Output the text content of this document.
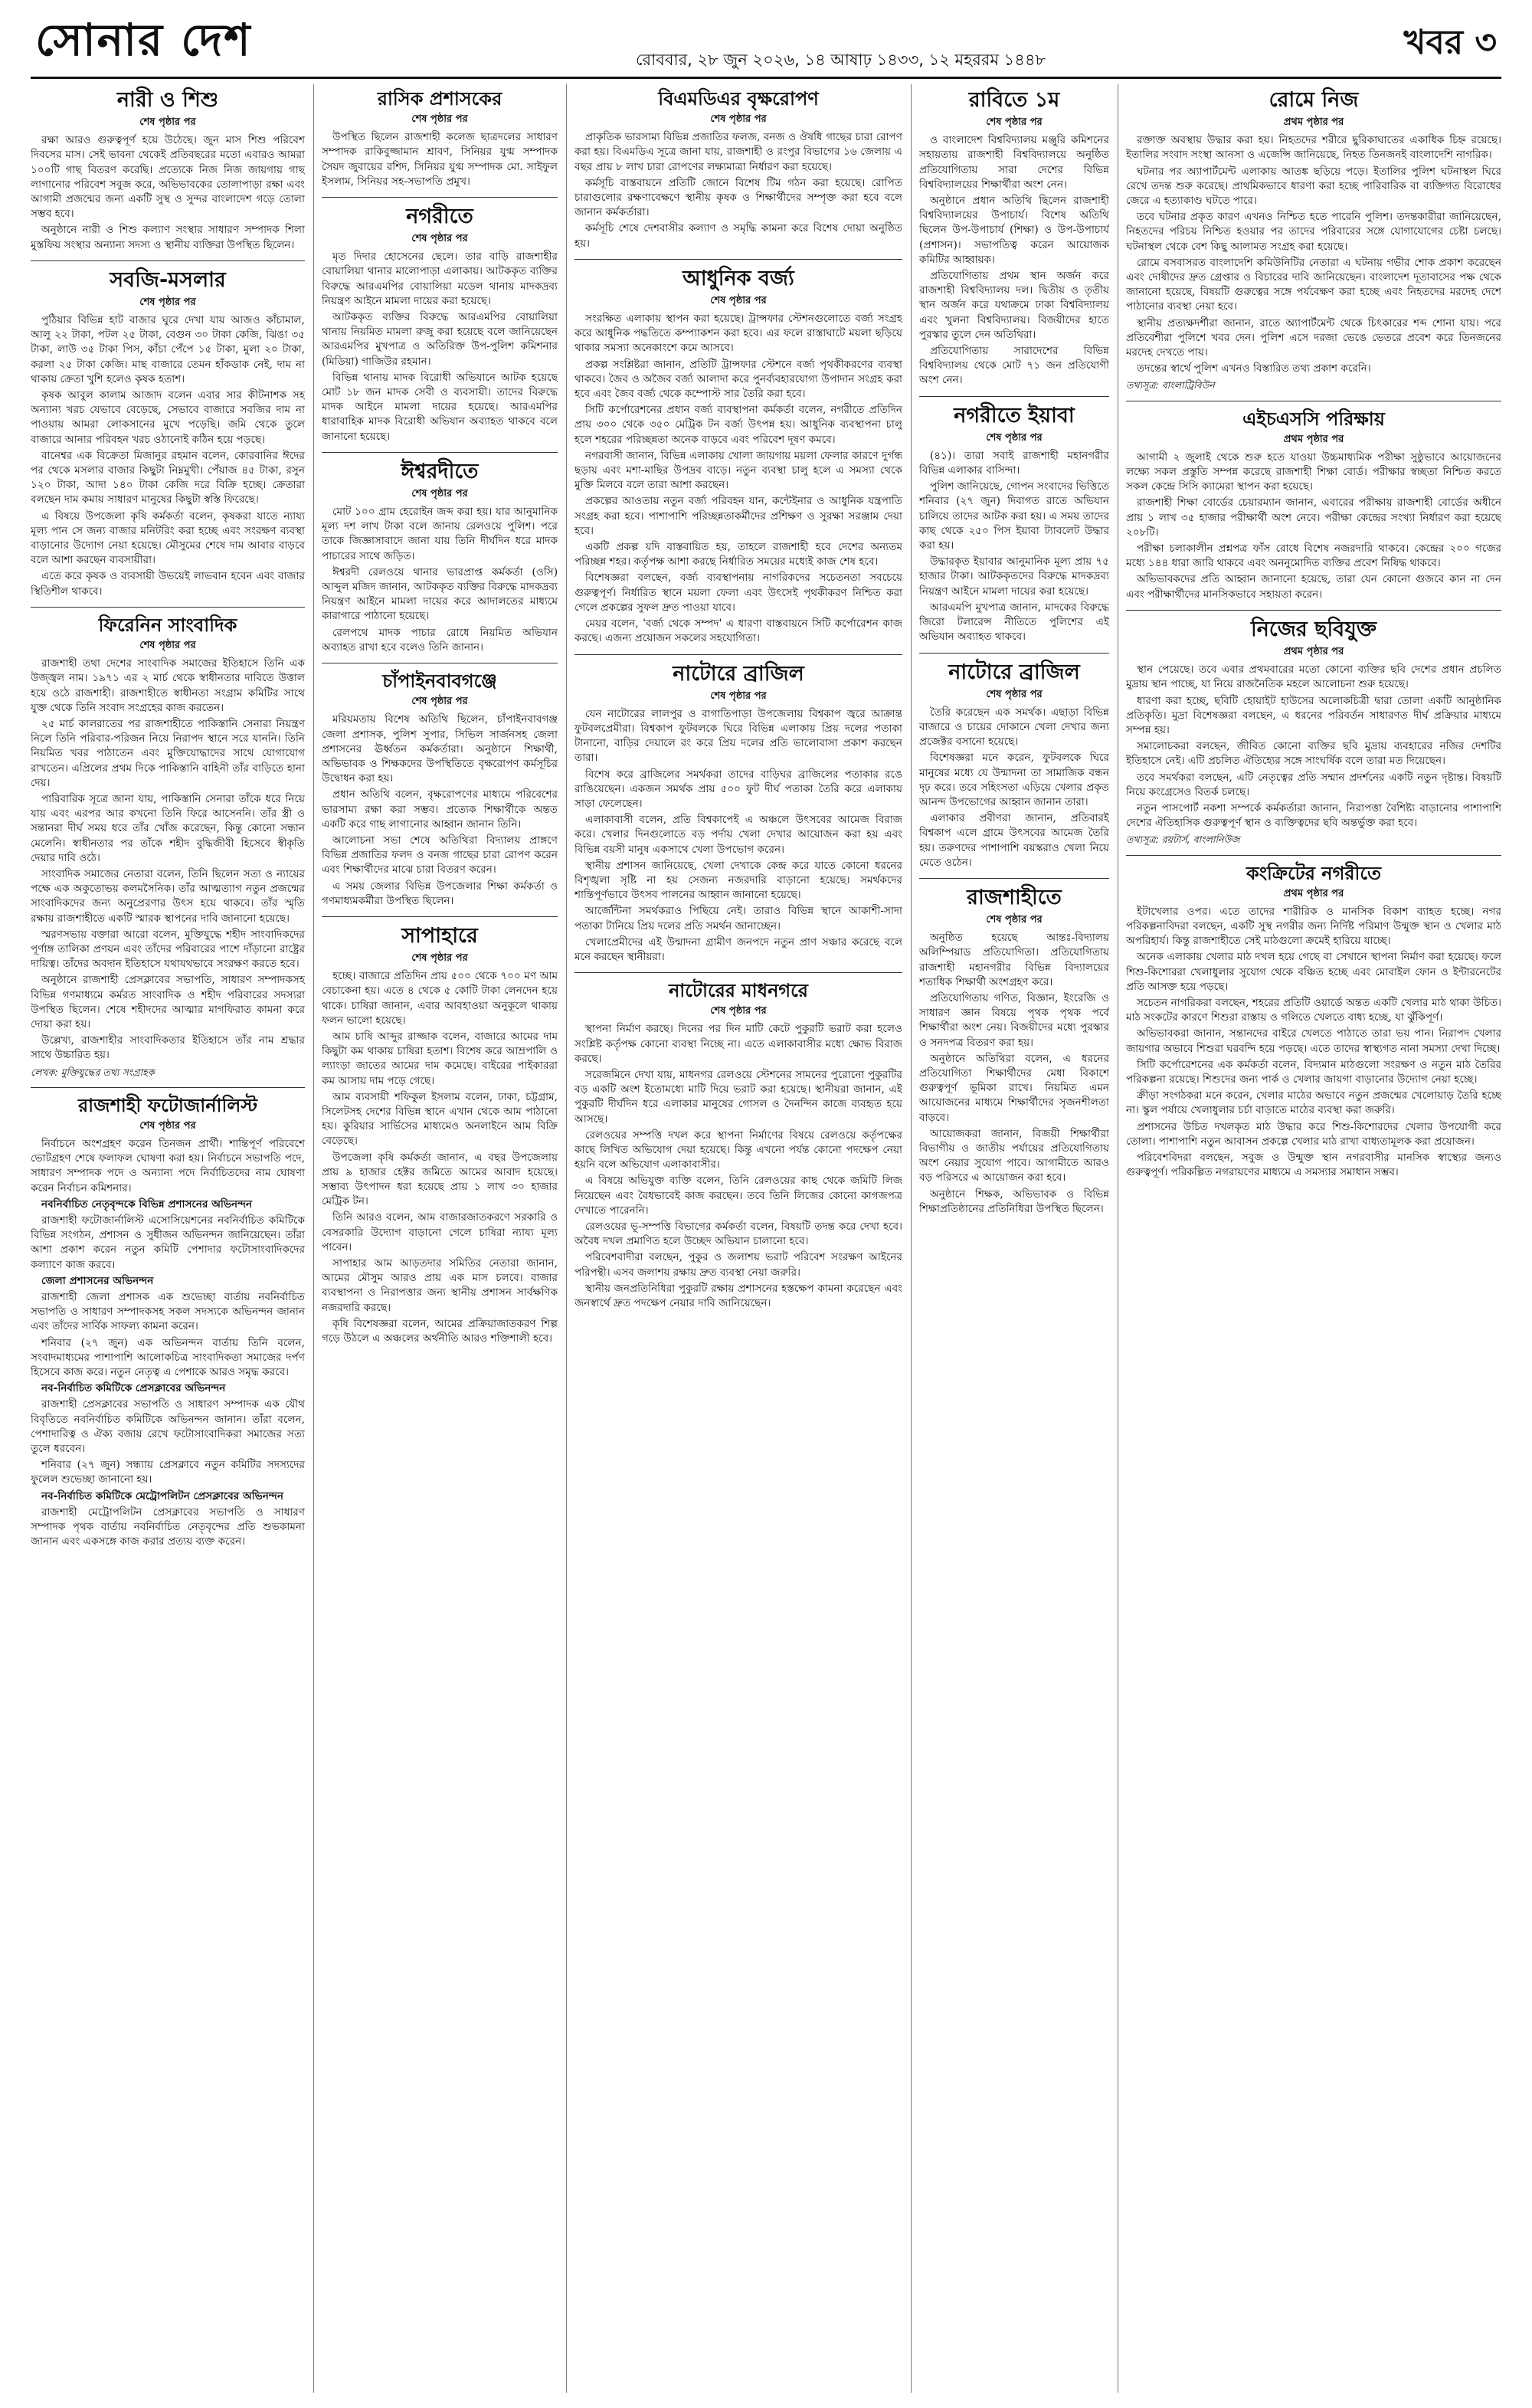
সোনার দেশ	রোববার, ২৮ জুন ২০২৬, ১৪ আষাঢ় ১৪৩৩, ১২ মহররম ১৪৪৮	খবর ৩
নারী ও শিশু
শেষ পৃষ্ঠার পর

রক্ষা আরও গুরুত্বপূর্ণ হয়ে উঠেছে। জুন মাস শিশু পরিবেশ দিবসের মাস। সেই ভাবনা থেকেই প্রতিবছরের মতো এবারও আমরা ১০০টি গাছ বিতরণ করেছি। প্রত্যেকে নিজ নিজ জায়গায় গাছ লাগানোর পরিবেশ সবুজ করে, অভিভাবকের তোলাপাড়া রক্ষা এবং আগামী প্রজন্মের জন্য একটি সুস্থ ও সুন্দর বাংলাদেশ গড়ে তোলা সম্ভব হবে।

অনুষ্ঠানে নারী ও শিশু কল্যাণ সংস্থার সাধারণ সম্পাদক শিলা মুস্তফিয় সংস্থার অন্যান্য সদস্য ও স্থানীয় ব্যক্তিরা উপস্থিত ছিলেন।

সবজি-মসলার
শেষ পৃষ্ঠার পর

পুঠিয়ার বিভিন্ন হাট বাজার ঘুরে দেখা যায় আজও কাঁচামাল, আলু ২২ টাকা, পটল ২৫ টাকা, বেগুন ৩০ টাকা কেজি, ঝিঙা ৩৫ টাকা, লাউ ৩৫ টাকা পিস, কাঁচা পেঁপে ১৫ টাকা, মুলা ২০ টাকা, করলা ২৫ টাকা কেজি। মাছ বাজারে তেমন হাঁকডাক নেই, দাম না থাকায় ক্রেতা খুশি হলেও কৃষক হতাশ।

কৃষক আবুল কালাম আজাদ বলেন এবার সার কীটনাশক সহ অন্যান্য খরচ যেভাবে বেড়েছে, সেভাবে বাজারে সবজির দাম না পাওয়ায় আমরা লোকসানের মুখে পড়েছি। জমি থেকে তুলে বাজারে আনার পরিবহন খরচ ওঠানোই কঠিন হয়ে পড়ছে।

বানেশ্বর এক বিক্রেতা মিজানুর রহমান বলেন, কোরবানির ঈদের পর থেকে মসলার বাজার কিছুটা নিম্নমুখী। পেঁয়াজ ৪৫ টাকা, রসুন ১২০ টাকা, আদা ১৪০ টাকা কেজি দরে বিক্রি হচ্ছে। ক্রেতারা বলছেন দাম কমায় সাধারণ মানুষের কিছুটা স্বস্তি ফিরেছে।

এ বিষয়ে উপজেলা কৃষি কর্মকর্তা বলেন, কৃষকরা যাতে ন্যায্য মূল্য পান সে জন্য বাজার মনিটরিং করা হচ্ছে এবং সংরক্ষণ ব্যবস্থা বাড়ানোর উদ্যোগ নেয়া হয়েছে। মৌসুমের শেষে দাম আবার বাড়বে বলে আশা করছেন ব্যবসায়ীরা।

এতে করে কৃষক ও ব্যবসায়ী উভয়েই লাভবান হবেন এবং বাজার স্থিতিশীল থাকবে।

ফিরেনিন সাংবাদিক
শেষ পৃষ্ঠার পর

রাজশাহী তথা দেশের সাংবাদিক সমাজের ইতিহাসে তিনি এক উজ্জ্বল নাম। ১৯৭১ এর ২ মার্চ থেকে স্বাধীনতার দাবিতে উত্তাল হয়ে ওঠে রাজশাহী। রাজশাহীতে স্বাধীনতা সংগ্রাম কমিটির সাথে যুক্ত থেকে তিনি সংবাদ সংগ্রহের কাজ করতেন।

২৫ মার্চ কালরাতের পর রাজশাহীতে পাকিস্তানি সেনারা নিয়ন্ত্রণ নিলে তিনি পরিবার-পরিজন নিয়ে নিরাপদ স্থানে সরে যাননি। তিনি নিয়মিত খবর পাঠাতেন এবং মুক্তিযোদ্ধাদের সাথে যোগাযোগ রাখতেন। এপ্রিলের প্রথম দিকে পাকিস্তানি বাহিনী তাঁর বাড়িতে হানা দেয়।

পারিবারিক সূত্রে জানা যায়, পাকিস্তানি সেনারা তাঁকে ধরে নিয়ে যায় এবং এরপর আর কখনো তিনি ফিরে আসেননি। তাঁর স্ত্রী ও সন্তানরা দীর্ঘ সময় ধরে তাঁর খোঁজ করেছেন, কিন্তু কোনো সন্ধান মেলেনি। স্বাধীনতার পর তাঁকে শহীদ বুদ্ধিজীবী হিসেবে স্বীকৃতি দেয়ার দাবি ওঠে।

সাংবাদিক সমাজের নেতারা বলেন, তিনি ছিলেন সত্য ও ন্যায়ের পক্ষে এক অকুতোভয় কলমসৈনিক। তাঁর আত্মত্যাগ নতুন প্রজন্মের সাংবাদিকদের জন্য অনুপ্রেরণার উৎস হয়ে থাকবে। তাঁর স্মৃতি রক্ষায় রাজশাহীতে একটি স্মারক স্থাপনের দাবি জানানো হয়েছে।

স্মরণসভায় বক্তারা আরো বলেন, মুক্তিযুদ্ধে শহীদ সাংবাদিকদের পূর্ণাঙ্গ তালিকা প্রণয়ন এবং তাঁদের পরিবারের পাশে দাঁড়ানো রাষ্ট্রের দায়িত্ব। তাঁদের অবদান ইতিহাসে যথাযথভাবে সংরক্ষণ করতে হবে।

অনুষ্ঠানে রাজশাহী প্রেসক্লাবের সভাপতি, সাধারণ সম্পাদকসহ বিভিন্ন গণমাধ্যমে কর্মরত সাংবাদিক ও শহীদ পরিবারের সদস্যরা উপস্থিত ছিলেন। শেষে শহীদদের আত্মার মাগফিরাত কামনা করে দোয়া করা হয়।

উল্লেখ্য, রাজশাহীর সাংবাদিকতার ইতিহাসে তাঁর নাম শ্রদ্ধার সাথে উচ্চারিত হয়।

লেখক: মুক্তিযুদ্ধের তথ্য সংগ্রাহক
রাজশাহী ফটোজার্নালিস্ট
শেষ পৃষ্ঠার পর

নির্বাচনে অংশগ্রহণ করেন তিনজন প্রার্থী। শান্তিপূর্ণ পরিবেশে ভোটগ্রহণ শেষে ফলাফল ঘোষণা করা হয়। নির্বাচনে সভাপতি পদে, সাধারণ সম্পাদক পদে ও অন্যান্য পদে নির্বাচিতদের নাম ঘোষণা করেন নির্বাচন কমিশনার।

নবনির্বাচিত নেতৃবৃন্দকে বিভিন্ন প্রশাসনের অভিনন্দন

রাজশাহী ফটোজার্নালিস্ট এসোসিয়েশনের নবনির্বাচিত কমিটিকে বিভিন্ন সংগঠন, প্রশাসন ও সুধীজন অভিনন্দন জানিয়েছেন। তাঁরা আশা প্রকাশ করেন নতুন কমিটি পেশাদার ফটোসাংবাদিকদের কল্যাণে কাজ করবে।

জেলা প্রশাসনের অভিনন্দন

রাজশাহী জেলা প্রশাসক এক শুভেচ্ছা বার্তায় নবনির্বাচিত সভাপতি ও সাধারণ সম্পাদকসহ সকল সদস্যকে অভিনন্দন জানান এবং তাঁদের সার্বিক সাফল্য কামনা করেন।

শনিবার (২৭ জুন) এক অভিনন্দন বার্তায় তিনি বলেন, সংবাদমাধ্যমের পাশাপাশি আলোকচিত্র সাংবাদিকতা সমাজের দর্পণ হিসেবে কাজ করে। নতুন নেতৃত্ব এ পেশাকে আরও সমৃদ্ধ করবে।

নব-নির্বাচিত কমিটিকে প্রেসক্লাবের অভিনন্দন

রাজশাহী প্রেসক্লাবের সভাপতি ও সাধারণ সম্পাদক এক যৌথ বিবৃতিতে নবনির্বাচিত কমিটিকে অভিনন্দন জানান। তাঁরা বলেন, পেশাদারিত্ব ও ঐক্য বজায় রেখে ফটোসাংবাদিকরা সমাজের সত্য তুলে ধরবেন।

শনিবার (২৭ জুন) সন্ধ্যায় প্রেসক্লাবে নতুন কমিটির সদস্যদের ফুলেল শুভেচ্ছা জানানো হয়।

নব-নির্বাচিত কমিটিকে মেট্রোপলিটন প্রেসক্লাবের অভিনন্দন

রাজশাহী মেট্রোপলিটন প্রেসক্লাবের সভাপতি ও সাধারণ সম্পাদক পৃথক বার্তায় নবনির্বাচিত নেতৃবৃন্দের প্রতি শুভকামনা জানান এবং একসঙ্গে কাজ করার প্রত্যয় ব্যক্ত করেন।

রাসিক প্রশাসকের
শেষ পৃষ্ঠার পর

উপস্থিত ছিলেন রাজশাহী কলেজ ছাত্রদলের সাধারণ সম্পাদক রাকিবুজ্জামান শ্রাবণ, সিনিয়র যুগ্ম সম্পাদক সৈয়দ জুবায়ের রশিদ, সিনিয়র যুগ্ম সম্পাদক মো. সাইফুল ইসলাম, সিনিয়র সহ-সভাপতি প্রমুখ।

নগরীতে
শেষ পৃষ্ঠার পর

মৃত দিদার হোসেনের ছেলে। তার বাড়ি রাজশাহীর বোয়ালিয়া থানার মালোপাড়া এলাকায়। আটককৃত ব্যক্তির বিরুদ্ধে আরএমপির বোয়ালিয়া মডেল থানায় মাদকদ্রব্য নিয়ন্ত্রণ আইনে মামলা দায়ের করা হয়েছে।

আটককৃত ব্যক্তির বিরুদ্ধে আরএমপির বোয়ালিয়া থানায় নিয়মিত মামলা রুজু করা হয়েছে বলে জানিয়েছেন আরএমপির মুখপাত্র ও অতিরিক্ত উপ-পুলিশ কমিশনার (মিডিয়া) গাজিউর রহমান।

বিভিন্ন থানায় মাদক বিরোধী অভিযানে আটক হয়েছে মোট ১৮ জন মাদক সেবী ও ব্যবসায়ী। তাদের বিরুদ্ধে মাদক আইনে মামলা দায়ের হয়েছে। আরএমপির ধারাবাহিক মাদক বিরোধী অভিযান অব্যাহত থাকবে বলে জানানো হয়েছে।

ঈশ্বরদীতে
শেষ পৃষ্ঠার পর

মোট ১০০ গ্রাম হেরোইন জব্দ করা হয়। যার আনুমানিক মূল্য দশ লাখ টাকা বলে জানায় রেলওয়ে পুলিশ। পরে তাকে জিজ্ঞাসাবাদে জানা যায় তিনি দীর্ঘদিন ধরে মাদক পাচারের সাথে জড়িত।

ঈশ্বরদী রেলওয়ে থানার ভারপ্রাপ্ত কর্মকর্তা (ওসি) আব্দুল মজিদ জানান, আটককৃত ব্যক্তির বিরুদ্ধে মাদকদ্রব্য নিয়ন্ত্রণ আইনে মামলা দায়ের করে আদালতের মাধ্যমে কারাগারে পাঠানো হয়েছে।

রেলপথে মাদক পাচার রোধে নিয়মিত অভিযান অব্যাহত রাখা হবে বলেও তিনি জানান।

চাঁপাইনবাবগঞ্জে
শেষ পৃষ্ঠার পর

মরিয়মতায় বিশেষ অতিথি ছিলেন, চাঁপাইনবাবগঞ্জ জেলা প্রশাসক, পুলিশ সুপার, সিভিল সার্জনসহ জেলা প্রশাসনের ঊর্ধ্বতন কর্মকর্তারা। অনুষ্ঠানে শিক্ষার্থী, অভিভাবক ও শিক্ষকদের উপস্থিতিতে বৃক্ষরোপণ কর্মসূচির উদ্বোধন করা হয়।

প্রধান অতিথি বলেন, বৃক্ষরোপণের মাধ্যমে পরিবেশের ভারসাম্য রক্ষা করা সম্ভব। প্রত্যেক শিক্ষার্থীকে অন্তত একটি করে গাছ লাগানোর আহ্বান জানান তিনি।

আলোচনা সভা শেষে অতিথিরা বিদ্যালয় প্রাঙ্গণে বিভিন্ন প্রজাতির ফলদ ও বনজ গাছের চারা রোপণ করেন এবং শিক্ষার্থীদের মাঝে চারা বিতরণ করেন।

এ সময় জেলার বিভিন্ন উপজেলার শিক্ষা কর্মকর্তা ও গণমাধ্যমকর্মীরা উপস্থিত ছিলেন।

সাপাহারে
শেষ পৃষ্ঠার পর

হচ্ছে। বাজারে প্রতিদিন প্রায় ৫০০ থেকে ৭০০ মণ আম বেচাকেনা হয়। এতে ৪ থেকে ৫ কোটি টাকা লেনদেন হয়ে থাকে। চাষিরা জানান, এবার আবহাওয়া অনুকূলে থাকায় ফলন ভালো হয়েছে।

আম চাষি আব্দুর রাজ্জাক বলেন, বাজারে আমের দাম কিছুটা কম থাকায় চাষিরা হতাশ। বিশেষ করে আম্রপালি ও ল্যাংড়া জাতের আমের দাম কমেছে। বাইরের পাইকাররা কম আসায় দাম পড়ে গেছে।

আম ব্যবসায়ী শফিকুল ইসলাম বলেন, ঢাকা, চট্টগ্রাম, সিলেটসহ দেশের বিভিন্ন স্থানে এখান থেকে আম পাঠানো হয়। কুরিয়ার সার্ভিসের মাধ্যমেও অনলাইনে আম বিক্রি বেড়েছে।

উপজেলা কৃষি কর্মকর্তা জানান, এ বছর উপজেলায় প্রায় ৯ হাজার হেক্টর জমিতে আমের আবাদ হয়েছে। সম্ভাব্য উৎপাদন ধরা হয়েছে প্রায় ১ লাখ ৩০ হাজার মেট্রিক টন।

তিনি আরও বলেন, আম বাজারজাতকরণে সরকারি ও বেসরকারি উদ্যোগ বাড়ানো গেলে চাষিরা ন্যায্য মূল্য পাবেন।

সাপাহার আম আড়তদার সমিতির নেতারা জানান, আমের মৌসুম আরও প্রায় এক মাস চলবে। বাজার ব্যবস্থাপনা ও নিরাপত্তার জন্য স্থানীয় প্রশাসন সার্বক্ষণিক নজরদারি করছে।

কৃষি বিশেষজ্ঞরা বলেন, আমের প্রক্রিয়াজাতকরণ শিল্প গড়ে উঠলে এ অঞ্চলের অর্থনীতি আরও শক্তিশালী হবে।

বিএমডিএর বৃক্ষরোপণ
শেষ পৃষ্ঠার পর

প্রাকৃতিক ভারসাম্য বিভিন্ন প্রজাতির ফলজ, বনজ ও ঔষধি গাছের চারা রোপণ করা হয়। বিএমডিএ সূত্রে জানা যায়, রাজশাহী ও রংপুর বিভাগের ১৬ জেলায় এ বছর প্রায় ৮ লাখ চারা রোপণের লক্ষ্যমাত্রা নির্ধারণ করা হয়েছে।

কর্মসূচি বাস্তবায়নে প্রতিটি জোনে বিশেষ টিম গঠন করা হয়েছে। রোপিত চারাগুলোর রক্ষণাবেক্ষণে স্থানীয় কৃষক ও শিক্ষার্থীদের সম্পৃক্ত করা হবে বলে জানান কর্মকর্তারা।

কর্মসূচি শেষে দেশবাসীর কল্যাণ ও সমৃদ্ধি কামনা করে বিশেষ দোয়া অনুষ্ঠিত হয়।

আধুনিক বর্জ্য
শেষ পৃষ্ঠার পর

সংরক্ষিত এলাকায় স্থাপন করা হয়েছে। ট্রান্সফার স্টেশনগুলোতে বর্জ্য সংগ্রহ করে আধুনিক পদ্ধতিতে কম্প্যাকশন করা হবে। এর ফলে রাস্তাঘাটে ময়লা ছড়িয়ে থাকার সমস্যা অনেকাংশে কমে আসবে।

প্রকল্প সংশ্লিষ্টরা জানান, প্রতিটি ট্রান্সফার স্টেশনে বর্জ্য পৃথকীকরণের ব্যবস্থা থাকবে। জৈব ও অজৈব বর্জ্য আলাদা করে পুনর্ব্যবহারযোগ্য উপাদান সংগ্রহ করা হবে এবং জৈব বর্জ্য থেকে কম্পোস্ট সার তৈরি করা হবে।

সিটি কর্পোরেশনের প্রধান বর্জ্য ব্যবস্থাপনা কর্মকর্তা বলেন, নগরীতে প্রতিদিন প্রায় ৩০০ থেকে ৩৫০ মেট্রিক টন বর্জ্য উৎপন্ন হয়। আধুনিক ব্যবস্থাপনা চালু হলে শহরের পরিচ্ছন্নতা অনেক বাড়বে এবং পরিবেশ দূষণ কমবে।

নগরবাসী জানান, বিভিন্ন এলাকায় খোলা জায়গায় ময়লা ফেলার কারণে দুর্গন্ধ ছড়ায় এবং মশা-মাছির উপদ্রব বাড়ে। নতুন ব্যবস্থা চালু হলে এ সমস্যা থেকে মুক্তি মিলবে বলে তারা আশা করছেন।

প্রকল্পের আওতায় নতুন বর্জ্য পরিবহন যান, কন্টেইনার ও আধুনিক যন্ত্রপাতি সংগ্রহ করা হবে। পাশাপাশি পরিচ্ছন্নতাকর্মীদের প্রশিক্ষণ ও সুরক্ষা সরঞ্জাম দেয়া হবে।

একটি প্রকল্প যদি বাস্তবায়িত হয়, তাহলে রাজশাহী হবে দেশের অন্যতম পরিচ্ছন্ন শহর। কর্তৃপক্ষ আশা করছে নির্ধারিত সময়ের মধ্যেই কাজ শেষ হবে।

বিশেষজ্ঞরা বলছেন, বর্জ্য ব্যবস্থাপনায় নাগরিকদের সচেতনতা সবচেয়ে গুরুত্বপূর্ণ। নির্ধারিত স্থানে ময়লা ফেলা এবং উৎসেই পৃথকীকরণ নিশ্চিত করা গেলে প্রকল্পের সুফল দ্রুত পাওয়া যাবে।

মেয়র বলেন, 'বর্জ্য থেকে সম্পদ' এ ধারণা বাস্তবায়নে সিটি কর্পোরেশন কাজ করছে। এজন্য প্রয়োজন সকলের সহযোগিতা।

নাটোরে ব্রাজিল
শেষ পৃষ্ঠার পর

যেন নাটোরের লালপুর ও বাগাতিপাড়া উপজেলায় বিশ্বকাপ জ্বরে আক্রান্ত ফুটবলপ্রেমীরা। বিশ্বকাপ ফুটবলকে ঘিরে বিভিন্ন এলাকায় প্রিয় দলের পতাকা টানানো, বাড়ির দেয়ালে রং করে প্রিয় দলের প্রতি ভালোবাসা প্রকাশ করছেন তারা।

বিশেষ করে ব্রাজিলের সমর্থকরা তাদের বাড়িঘর ব্রাজিলের পতাকার রঙে রাঙিয়েছেন। একজন সমর্থক প্রায় ৫০০ ফুট দীর্ঘ পতাকা তৈরি করে এলাকায় সাড়া ফেলেছেন।

এলাকাবাসী বলেন, প্রতি বিশ্বকাপেই এ অঞ্চলে উৎসবের আমেজ বিরাজ করে। খেলার দিনগুলোতে বড় পর্দায় খেলা দেখার আয়োজন করা হয় এবং বিভিন্ন বয়সী মানুষ একসাথে খেলা উপভোগ করেন।

স্থানীয় প্রশাসন জানিয়েছে, খেলা দেখাকে কেন্দ্র করে যাতে কোনো ধরনের বিশৃঙ্খলা সৃষ্টি না হয় সেজন্য নজরদারি বাড়ানো হয়েছে। সমর্থকদের শান্তিপূর্ণভাবে উৎসব পালনের আহ্বান জানানো হয়েছে।

আর্জেন্টিনা সমর্থকরাও পিছিয়ে নেই। তারাও বিভিন্ন স্থানে আকাশী-সাদা পতাকা টানিয়ে প্রিয় দলের প্রতি সমর্থন জানাচ্ছেন।

খেলাপ্রেমীদের এই উন্মাদনা গ্রামীণ জনপদে নতুন প্রাণ সঞ্চার করেছে বলে মনে করছেন স্থানীয়রা।

নাটোরের মাধনগরে
শেষ পৃষ্ঠার পর

স্থাপনা নির্মাণ করছে। দিনের পর দিন মাটি কেটে পুকুরটি ভরাট করা হলেও সংশ্লিষ্ট কর্তৃপক্ষ কোনো ব্যবস্থা নিচ্ছে না। এতে এলাকাবাসীর মধ্যে ক্ষোভ বিরাজ করছে।

সরেজমিনে দেখা যায়, মাধনগর রেলওয়ে স্টেশনের সামনের পুরোনো পুকুরটির বড় একটি অংশ ইতোমধ্যে মাটি দিয়ে ভরাট করা হয়েছে। স্থানীয়রা জানান, এই পুকুরটি দীর্ঘদিন ধরে এলাকার মানুষের গোসল ও দৈনন্দিন কাজে ব্যবহৃত হয়ে আসছে।

রেলওয়ের সম্পত্তি দখল করে স্থাপনা নির্মাণের বিষয়ে রেলওয়ে কর্তৃপক্ষের কাছে লিখিত অভিযোগ দেয়া হয়েছে। কিন্তু এখনো পর্যন্ত কোনো পদক্ষেপ নেয়া হয়নি বলে অভিযোগ এলাকাবাসীর।

এ বিষয়ে অভিযুক্ত ব্যক্তি বলেন, তিনি রেলওয়ের কাছ থেকে জমিটি লিজ নিয়েছেন এবং বৈধভাবেই কাজ করছেন। তবে তিনি লিজের কোনো কাগজপত্র দেখাতে পারেননি।

রেলওয়ের ভূ-সম্পত্তি বিভাগের কর্মকর্তা বলেন, বিষয়টি তদন্ত করে দেখা হবে। অবৈধ দখল প্রমাণিত হলে উচ্ছেদ অভিযান চালানো হবে।

পরিবেশবাদীরা বলছেন, পুকুর ও জলাশয় ভরাট পরিবেশ সংরক্ষণ আইনের পরিপন্থী। এসব জলাশয় রক্ষায় দ্রুত ব্যবস্থা নেয়া জরুরি।

স্থানীয় জনপ্রতিনিধিরা পুকুরটি রক্ষায় প্রশাসনের হস্তক্ষেপ কামনা করেছেন এবং জনস্বার্থে দ্রুত পদক্ষেপ নেয়ার দাবি জানিয়েছেন।

রাবিতে ১ম
শেষ পৃষ্ঠার পর

ও বাংলাদেশ বিশ্ববিদ্যালয় মঞ্জুরি কমিশনের সহায়তায় রাজশাহী বিশ্ববিদ্যালয়ে অনুষ্ঠিত প্রতিযোগিতায় সারা দেশের বিভিন্ন বিশ্ববিদ্যালয়ের শিক্ষার্থীরা অংশ নেন।

অনুষ্ঠানে প্রধান অতিথি ছিলেন রাজশাহী বিশ্ববিদ্যালয়ের উপাচার্য। বিশেষ অতিথি ছিলেন উপ-উপাচার্য (শিক্ষা) ও উপ-উপাচার্য (প্রশাসন)। সভাপতিত্ব করেন আয়োজক কমিটির আহ্বায়ক।

প্রতিযোগিতায় প্রথম স্থান অর্জন করে রাজশাহী বিশ্ববিদ্যালয় দল। দ্বিতীয় ও তৃতীয় স্থান অর্জন করে যথাক্রমে ঢাকা বিশ্ববিদ্যালয় এবং খুলনা বিশ্ববিদ্যালয়। বিজয়ীদের হাতে পুরস্কার তুলে দেন অতিথিরা।

প্রতিযোগিতায় সারাদেশের বিভিন্ন বিশ্ববিদ্যালয় থেকে মোট ৭১ জন প্রতিযোগী অংশ নেন।

নগরীতে ইয়াবা
শেষ পৃষ্ঠার পর

(৪১)। তারা সবাই রাজশাহী মহানগরীর বিভিন্ন এলাকার বাসিন্দা।

পুলিশ জানিয়েছে, গোপন সংবাদের ভিত্তিতে শনিবার (২৭ জুন) দিবাগত রাতে অভিযান চালিয়ে তাদের আটক করা হয়। এ সময় তাদের কাছ থেকে ২৫০ পিস ইয়াবা ট্যাবলেট উদ্ধার করা হয়।

উদ্ধারকৃত ইয়াবার আনুমানিক মূল্য প্রায় ৭৫ হাজার টাকা। আটককৃতদের বিরুদ্ধে মাদকদ্রব্য নিয়ন্ত্রণ আইনে মামলা দায়ের করা হয়েছে।

আরএমপি মুখপাত্র জানান, মাদকের বিরুদ্ধে জিরো টলারেন্স নীতিতে পুলিশের এই অভিযান অব্যাহত থাকবে।

নাটোরে ব্রাজিল
শেষ পৃষ্ঠার পর

তৈরি করেছেন এক সমর্থক। এছাড়া বিভিন্ন বাজারে ও চায়ের দোকানে খেলা দেখার জন্য প্রজেক্টর বসানো হয়েছে।

বিশেষজ্ঞরা মনে করেন, ফুটবলকে ঘিরে মানুষের মধ্যে যে উন্মাদনা তা সামাজিক বন্ধন দৃঢ় করে। তবে সহিংসতা এড়িয়ে খেলার প্রকৃত আনন্দ উপভোগের আহ্বান জানান তারা।

এলাকার প্রবীণরা জানান, প্রতিবারই বিশ্বকাপ এলে গ্রামে উৎসবের আমেজ তৈরি হয়। তরুণদের পাশাপাশি বয়স্করাও খেলা নিয়ে মেতে ওঠেন।

রাজশাহীতে
শেষ পৃষ্ঠার পর

অনুষ্ঠিত হয়েছে আন্তঃ-বিদ্যালয় অলিম্পিয়াড প্রতিযোগিতা। প্রতিযোগিতায় রাজশাহী মহানগরীর বিভিন্ন বিদ্যালয়ের শতাধিক শিক্ষার্থী অংশগ্রহণ করে।

প্রতিযোগিতায় গণিত, বিজ্ঞান, ইংরেজি ও সাধারণ জ্ঞান বিষয়ে পৃথক পৃথক পর্বে শিক্ষার্থীরা অংশ নেয়। বিজয়ীদের মধ্যে পুরস্কার ও সনদপত্র বিতরণ করা হয়।

অনুষ্ঠানে অতিথিরা বলেন, এ ধরনের প্রতিযোগিতা শিক্ষার্থীদের মেধা বিকাশে গুরুত্বপূর্ণ ভূমিকা রাখে। নিয়মিত এমন আয়োজনের মাধ্যমে শিক্ষার্থীদের সৃজনশীলতা বাড়বে।

আয়োজকরা জানান, বিজয়ী শিক্ষার্থীরা বিভাগীয় ও জাতীয় পর্যায়ের প্রতিযোগিতায় অংশ নেয়ার সুযোগ পাবে। আগামীতে আরও বড় পরিসরে এ আয়োজন করা হবে।

অনুষ্ঠানে শিক্ষক, অভিভাবক ও বিভিন্ন শিক্ষাপ্রতিষ্ঠানের প্রতিনিধিরা উপস্থিত ছিলেন।

রোমে নিজ
প্রথম পৃষ্ঠার পর

রক্তাক্ত অবস্থায় উদ্ধার করা হয়। নিহতদের শরীরে ছুরিকাঘাতের একাধিক চিহ্ন রয়েছে। ইতালির সংবাদ সংস্থা আনসা ও এজেন্সি জানিয়েছে, নিহত তিনজনই বাংলাদেশি নাগরিক।

ঘটনার পর অ্যাপার্টমেন্ট এলাকায় আতঙ্ক ছড়িয়ে পড়ে। ইতালির পুলিশ ঘটনাস্থল ঘিরে রেখে তদন্ত শুরু করেছে। প্রাথমিকভাবে ধারণা করা হচ্ছে পারিবারিক বা ব্যক্তিগত বিরোধের জেরে এ হত্যাকাণ্ড ঘটতে পারে।

তবে ঘটনার প্রকৃত কারণ এখনও নিশ্চিত হতে পারেনি পুলিশ। তদন্তকারীরা জানিয়েছেন, নিহতদের পরিচয় নিশ্চিত হওয়ার পর তাদের পরিবারের সঙ্গে যোগাযোগের চেষ্টা চলছে। ঘটনাস্থল থেকে বেশ কিছু আলামত সংগ্রহ করা হয়েছে।

রোমে বসবাসরত বাংলাদেশি কমিউনিটির নেতারা এ ঘটনায় গভীর শোক প্রকাশ করেছেন এবং দোষীদের দ্রুত গ্রেপ্তার ও বিচারের দাবি জানিয়েছেন। বাংলাদেশ দূতাবাসের পক্ষ থেকে জানানো হয়েছে, বিষয়টি গুরুত্বের সঙ্গে পর্যবেক্ষণ করা হচ্ছে এবং নিহতদের মরদেহ দেশে পাঠানোর ব্যবস্থা নেয়া হবে।

স্থানীয় প্রত্যক্ষদর্শীরা জানান, রাতে অ্যাপার্টমেন্ট থেকে চিৎকারের শব্দ শোনা যায়। পরে প্রতিবেশীরা পুলিশে খবর দেন। পুলিশ এসে দরজা ভেঙে ভেতরে প্রবেশ করে তিনজনের মরদেহ দেখতে পায়।

তদন্তের স্বার্থে পুলিশ এখনও বিস্তারিত তথ্য প্রকাশ করেনি।

তথ্যসূত্র: বাংলাট্রিবিউন
এইচএসসি পরিক্ষায়
প্রথম পৃষ্ঠার পর

আগামী ২ জুলাই থেকে শুরু হতে যাওয়া উচ্চমাধ্যমিক পরীক্ষা সুষ্ঠুভাবে আয়োজনের লক্ষ্যে সকল প্রস্তুতি সম্পন্ন করেছে রাজশাহী শিক্ষা বোর্ড। পরীক্ষার স্বচ্ছতা নিশ্চিত করতে সকল কেন্দ্রে সিসি ক্যামেরা স্থাপন করা হয়েছে।

রাজশাহী শিক্ষা বোর্ডের চেয়ারম্যান জানান, এবারের পরীক্ষায় রাজশাহী বোর্ডের অধীনে প্রায় ১ লাখ ৩৫ হাজার পরীক্ষার্থী অংশ নেবে। পরীক্ষা কেন্দ্রের সংখ্যা নির্ধারণ করা হয়েছে ২০৮টি।

পরীক্ষা চলাকালীন প্রশ্নপত্র ফাঁস রোধে বিশেষ নজরদারি থাকবে। কেন্দ্রের ২০০ গজের মধ্যে ১৪৪ ধারা জারি থাকবে এবং অননুমোদিত ব্যক্তির প্রবেশ নিষিদ্ধ থাকবে।

অভিভাবকদের প্রতি আহ্বান জানানো হয়েছে, তারা যেন কোনো গুজবে কান না দেন এবং পরীক্ষার্থীদের মানসিকভাবে সহায়তা করেন।

নিজের ছবিযুক্ত
প্রথম পৃষ্ঠার পর

স্থান পেয়েছে। তবে এবার প্রথমবারের মতো কোনো ব্যক্তির ছবি দেশের প্রধান প্রচলিত মুদ্রায় স্থান পাচ্ছে, যা নিয়ে রাজনৈতিক মহলে আলোচনা শুরু হয়েছে।

ধারণা করা হচ্ছে, ছবিটি হোয়াইট হাউসের অলোকচিত্রী দ্বারা তোলা একটি আনুষ্ঠানিক প্রতিকৃতি। মুদ্রা বিশেষজ্ঞরা বলছেন, এ ধরনের পরিবর্তন সাধারণত দীর্ঘ প্রক্রিয়ার মাধ্যমে সম্পন্ন হয়।

সমালোচকরা বলছেন, জীবিত কোনো ব্যক্তির ছবি মুদ্রায় ব্যবহারের নজির দেশটির ইতিহাসে নেই। এটি প্রচলিত ঐতিহ্যের সঙ্গে সাংঘর্ষিক বলে তারা মত দিয়েছেন।

তবে সমর্থকরা বলছেন, এটি নেতৃত্বের প্রতি সম্মান প্রদর্শনের একটি নতুন দৃষ্টান্ত। বিষয়টি নিয়ে কংগ্রেসেও বিতর্ক চলছে।

নতুন পাসপোর্ট নকশা সম্পর্কে কর্মকর্তারা জানান, নিরাপত্তা বৈশিষ্ট্য বাড়ানোর পাশাপাশি দেশের ঐতিহাসিক গুরুত্বপূর্ণ স্থান ও ব্যক্তিত্বদের ছবি অন্তর্ভুক্ত করা হবে।

তথ্যসূত্র: রয়টার্স, বাংলানিউজ
কংক্রিটের নগরীতে
প্রথম পৃষ্ঠার পর

ইটাখেলার ওপর। এতে তাদের শারীরিক ও মানসিক বিকাশ ব্যাহত হচ্ছে। নগর পরিকল্পনাবিদরা বলছেন, একটি সুস্থ নগরীর জন্য নির্দিষ্ট পরিমাণ উন্মুক্ত স্থান ও খেলার মাঠ অপরিহার্য। কিন্তু রাজশাহীতে সেই মাঠগুলো ক্রমেই হারিয়ে যাচ্ছে।

অনেক এলাকায় খেলার মাঠ দখল হয়ে গেছে বা সেখানে স্থাপনা নির্মাণ করা হয়েছে। ফলে শিশু-কিশোররা খেলাধুলার সুযোগ থেকে বঞ্চিত হচ্ছে এবং মোবাইল ফোন ও ইন্টারনেটের প্রতি আসক্ত হয়ে পড়ছে।

সচেতন নাগরিকরা বলছেন, শহরের প্রতিটি ওয়ার্ডে অন্তত একটি খেলার মাঠ থাকা উচিত। মাঠ সংকটের কারণে শিশুরা রাস্তায় ও গলিতে খেলতে বাধ্য হচ্ছে, যা ঝুঁকিপূর্ণ।

অভিভাবকরা জানান, সন্তানদের বাইরে খেলতে পাঠাতে তারা ভয় পান। নিরাপদ খেলার জায়গার অভাবে শিশুরা ঘরবন্দি হয়ে পড়ছে। এতে তাদের স্বাস্থ্যগত নানা সমস্যা দেখা দিচ্ছে।

সিটি কর্পোরেশনের এক কর্মকর্তা বলেন, বিদ্যমান মাঠগুলো সংরক্ষণ ও নতুন মাঠ তৈরির পরিকল্পনা রয়েছে। শিশুদের জন্য পার্ক ও খেলার জায়গা বাড়ানোর উদ্যোগ নেয়া হচ্ছে।

ক্রীড়া সংগঠকরা মনে করেন, খেলার মাঠের অভাবে নতুন প্রজন্মের খেলোয়াড় তৈরি হচ্ছে না। স্কুল পর্যায়ে খেলাধুলার চর্চা বাড়াতে মাঠের ব্যবস্থা করা জরুরি।

প্রশাসনের উচিত দখলকৃত মাঠ উদ্ধার করে শিশু-কিশোরদের খেলার উপযোগী করে তোলা। পাশাপাশি নতুন আবাসন প্রকল্পে খেলার মাঠ রাখা বাধ্যতামূলক করা প্রয়োজন।

পরিবেশবিদরা বলছেন, সবুজ ও উন্মুক্ত স্থান নগরবাসীর মানসিক স্বাস্থ্যের জন্যও গুরুত্বপূর্ণ। পরিকল্পিত নগরায়ণের মাধ্যমে এ সমস্যার সমাধান সম্ভব।
